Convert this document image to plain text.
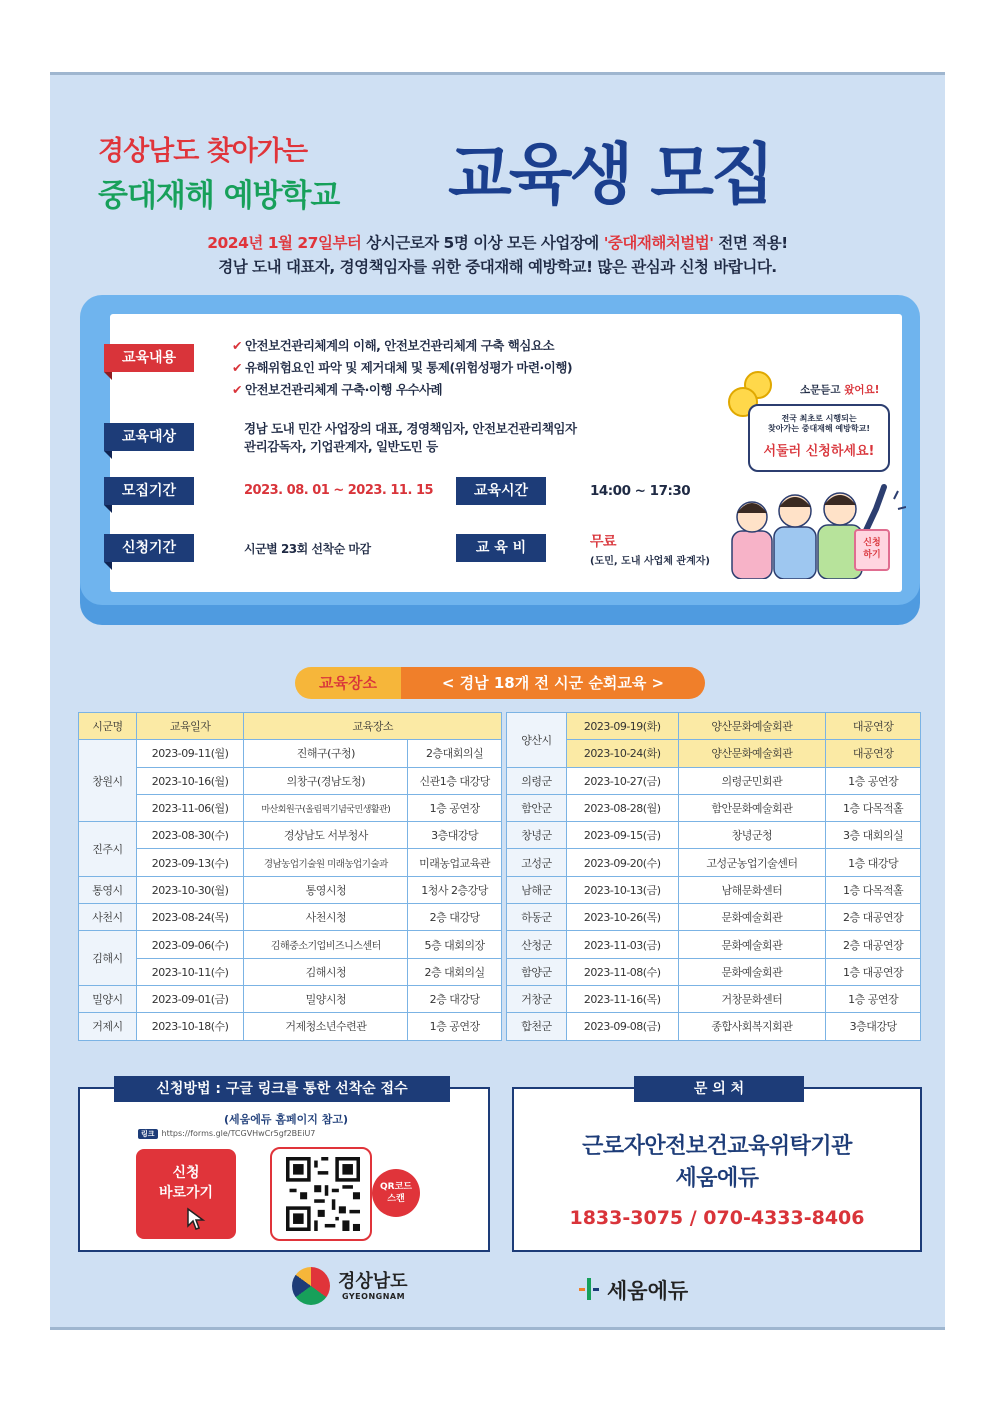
경상남도 찾아가는
중대재해 예방학교	교육생 모집
2024년 1월 27일부터 상시근로자 5명 이상 모든 사업장에 '중대재해처벌법' 전면 적용!
경남 도내 대표자, 경영책임자를 위한 중대재해 예방학교! 많은 관심과 신청 바랍니다.
교육내용
✔ 안전보건관리체계의 이해, 안전보건관리체계 구축 핵심요소
✔ 유해위험요인 파악 및 제거대체 및 통제(위험성평가 마련·이행)
✔ 안전보건관리체계 구축·이행 우수사례
교육대상
경남 도내 민간 사업장의 대표, 경영책임자, 안전보건관리책임자
관리감독자, 기업관계자, 일반도민 등
모집기간	2023. 08. 01 ~ 2023. 11. 15	교육시간	14:00 ~ 17:30
신청기간	시군별 23회 선착순 마감	교 육 비	무료
(도민, 도내 사업체 관계자)
소문듣고 왔어요!
전국 최초로 시행되는
찾아가는 중대재해 예방학교!
서둘러 신청하세요!
신청
하기
교육장소	< 경남 18개 전 시군 순회교육 >
시군명	교육일자	교육장소	
창원시	2023-09-11(월)	진해구(구청)	2층대회의실
	2023-10-16(월)	의창구(경남도청)	신관1층 대강당
	2023-11-06(월)	마산회원구(올림픽기념국민생활관)	1층 공연장
진주시	2023-08-30(수)	경상남도 서부청사	3층대강당
	2023-09-13(수)	경남농업기술원 미래농업기술과	미래농업교육관
통영시	2023-10-30(월)	통영시청	1청사 2층강당
사천시	2023-08-24(목)	사천시청	2층 대강당
김해시	2023-09-06(수)	김해중소기업비즈니스센터	5층 대회의장
	2023-10-11(수)	김해시청	2층 대회의실
밀양시	2023-09-01(금)	밀양시청	2층 대강당
거제시	2023-10-18(수)	거제청소년수련관	1층 공연장
양산시	2023-09-19(화)	양산문화예술회관	대공연장
	2023-10-24(화)	양산문화예술회관	대공연장
의령군	2023-10-27(금)	의령군민회관	1층 공연장
함안군	2023-08-28(월)	함안문화예술회관	1층 다목적홀
창녕군	2023-09-15(금)	창녕군청	3층 대회의실
고성군	2023-09-20(수)	고성군농업기술센터	1층 대강당
남해군	2023-10-13(금)	남해문화센터	1층 다목적홀
하동군	2023-10-26(목)	문화예술회관	2층 대공연장
산청군	2023-11-03(금)	문화예술회관	2층 대공연장
함양군	2023-11-08(수)	문화예술회관	1층 대공연장
거창군	2023-11-16(목)	거창문화센터	1층 공연장
합천군	2023-09-08(금)	종합사회복지회관	3층대강당
신청방법 : 구글 링크를 통한 선착순 접수
(세움에듀 홈페이지 참고)
링크 https://forms.gle/TCGVHwCr5gf2BEiU7
신청
바로가기	QR코드
스캔
문 의 처
근로자안전보건교육위탁기관
세움에듀
1833-3075 / 070-4333-8406
경상남도
GYEONGNAM	세움에듀
